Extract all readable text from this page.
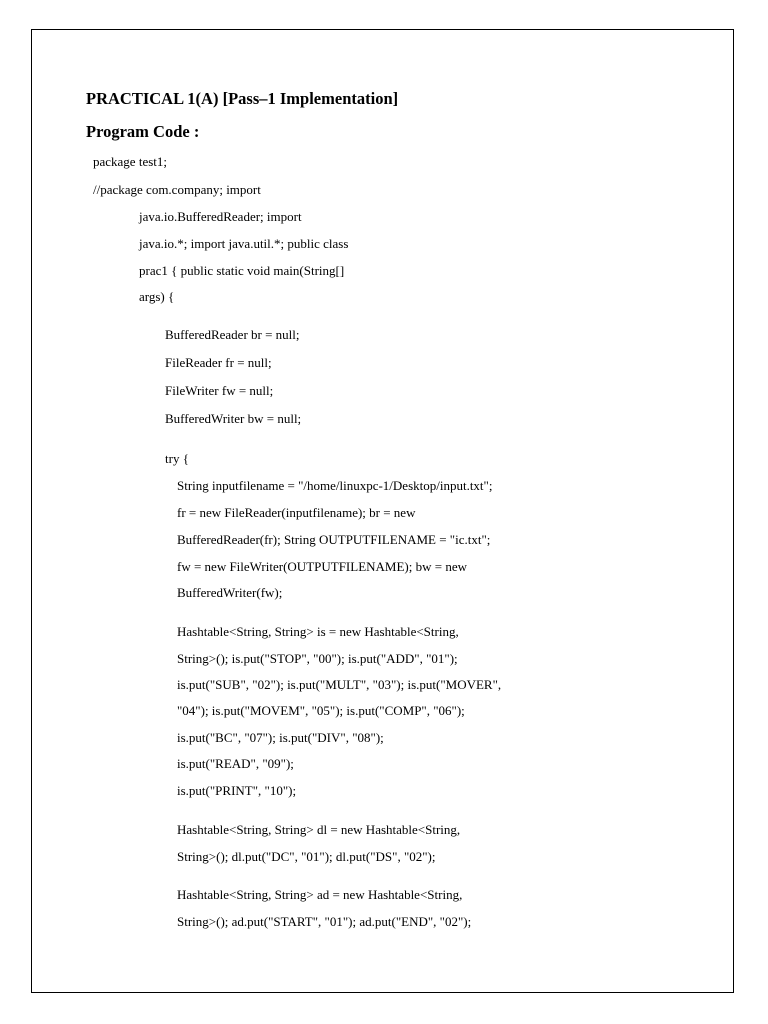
PRACTICAL 1(A) [Pass–1 Implementation]
Program Code :
package test1;
//package com.company; import
java.io.BufferedReader; import
java.io.*; import java.util.*; public class
prac1 { public static void main(String[]
args) {
BufferedReader br = null;
FileReader fr = null;
FileWriter fw = null;
BufferedWriter bw = null;
try {
String inputfilename = "/home/linuxpc-1/Desktop/input.txt";
fr = new FileReader(inputfilename); br = new
BufferedReader(fr); String OUTPUTFILENAME = "ic.txt";
fw = new FileWriter(OUTPUTFILENAME); bw = new
BufferedWriter(fw);
Hashtable<String, String> is = new Hashtable<String,
String>(); is.put("STOP", "00"); is.put("ADD", "01");
is.put("SUB", "02"); is.put("MULT", "03"); is.put("MOVER",
"04"); is.put("MOVEM", "05"); is.put("COMP", "06");
is.put("BC", "07"); is.put("DIV", "08");
is.put("READ", "09");
is.put("PRINT", "10");
Hashtable<String, String> dl = new Hashtable<String,
String>(); dl.put("DC", "01"); dl.put("DS", "02");
Hashtable<String, String> ad = new Hashtable<String,
String>(); ad.put("START", "01"); ad.put("END", "02");
